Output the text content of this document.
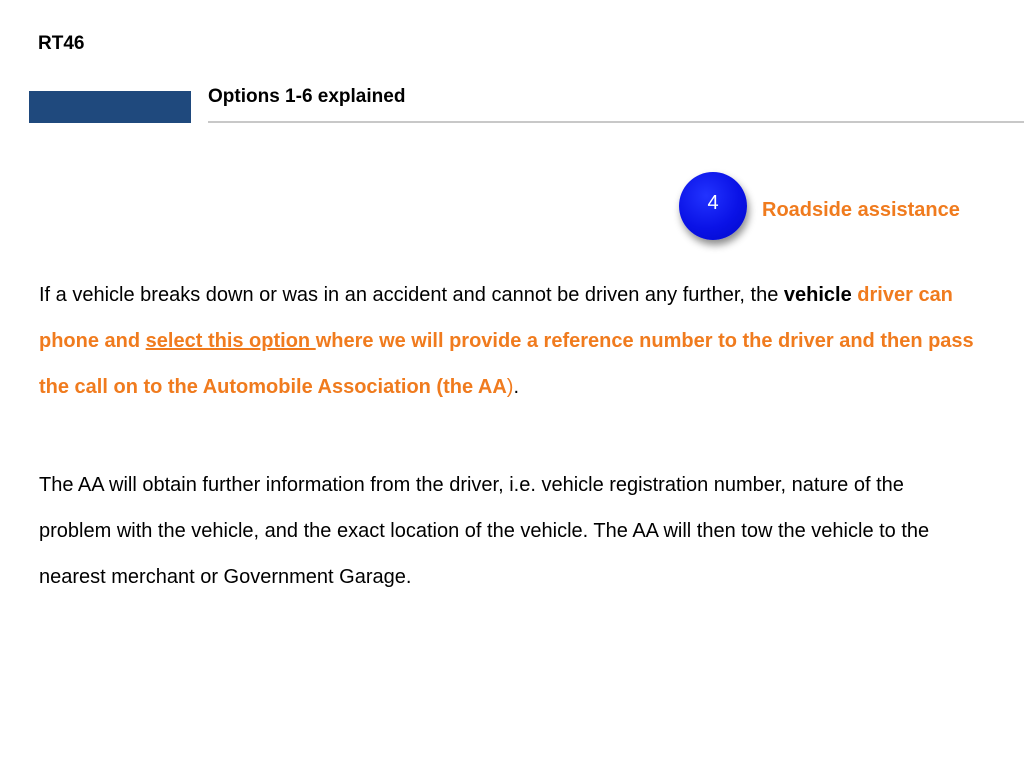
RT46
Options 1-6 explained
4	Roadside assistance

If a vehicle breaks down or was in an accident and cannot be driven any further, the vehicle driver can phone and select this option where we will provide a reference number to the driver and then pass the call on to the Automobile Association (the AA).

The AA will obtain further information from the driver, i.e. vehicle registration number, nature of the problem with the vehicle, and the exact location of the vehicle. The AA will then tow the vehicle to the nearest merchant or Government Garage.
